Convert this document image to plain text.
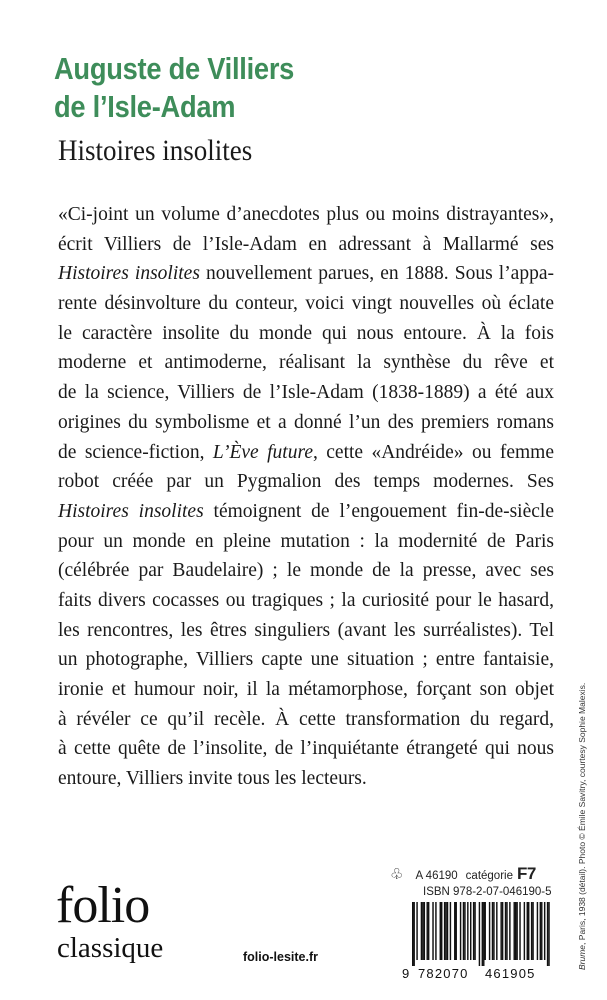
Auguste de Villiers
de l’Isle-Adam
Histoires insolites
«Ci-joint un volume d’anecdotes plus ou moins distrayantes»,
écrit Villiers de l’Isle-Adam en adressant à Mallarmé ses
Histoires insolites nouvellement parues, en 1888. Sous l’appa-
rente désinvolture du conteur, voici vingt nouvelles où éclate
le caractère insolite du monde qui nous entoure. À la fois
moderne et antimoderne, réalisant la synthèse du rêve et
de la science, Villiers de l’Isle-Adam (1838-1889) a été aux
origines du symbolisme et a donné l’un des premiers romans
de science-fiction, L’Ève future, cette «Andréide» ou femme
robot créée par un Pygmalion des temps modernes. Ses
Histoires insolites témoignent de l’engouement fin-de-siècle
pour un monde en pleine mutation : la modernité de Paris
(célébrée par Baudelaire) ; le monde de la presse, avec ses
faits divers cocasses ou tragiques ; la curiosité pour le hasard,
les rencontres, les êtres singuliers (avant les surréalistes). Tel
un photographe, Villiers capte une situation ; entre fantaisie,
ironie et humour noir, il la métamorphose, forçant son objet
à révéler ce qu’il recèle. À cette transformation du regard,
à cette quête de l’insolite, de l’inquiétante étrangeté qui nous
entoure, Villiers invite tous les lecteurs.
Brume, Paris, 1938 (détail). Photo © Émile Savitry, courtesy Sophie Malexis.
folio
classique	folio-lesite.fr
♧ A 46190 catégorie F7
ISBN 978-2-07-046190-5
9 782070 461905
